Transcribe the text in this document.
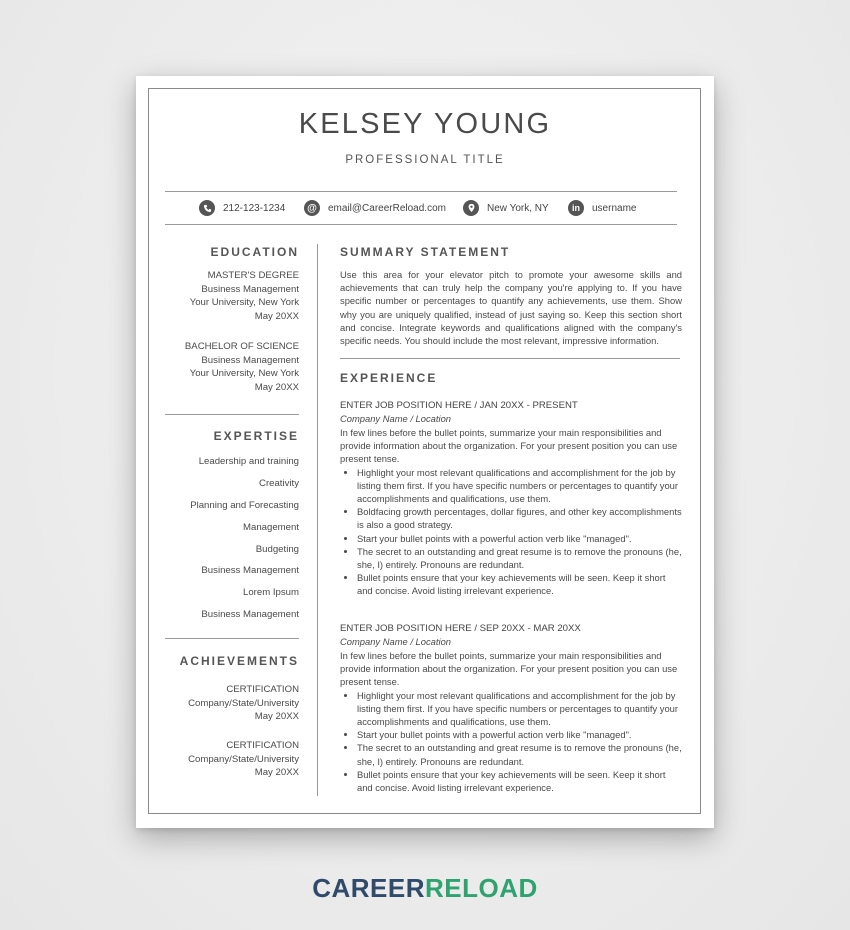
KELSEY YOUNG
PROFESSIONAL TITLE
212-123-1234	@	email@CareerReload.com	New York, NY	in	username
EDUCATION
MASTER'S DEGREE
Business Management
Your University, New York
May 20XX
BACHELOR OF SCIENCE
Business Management
Your University, New York
May 20XX
EXPERTISE
Leadership and training
Creativity
Planning and Forecasting
Management
Budgeting
Business Management
Lorem Ipsum
Business Management
ACHIEVEMENTS
CERTIFICATION
Company/State/University
May 20XX
CERTIFICATION
Company/State/University
May 20XX
SUMMARY STATEMENT
Use this area for your elevator pitch to promote your awesome skills and achievements that can truly help the company you're applying to. If you have specific number or percentages to quantify any achievements, use them. Show why you are uniquely qualified, instead of just saying so. Keep this section short and concise. Integrate keywords and qualifications aligned with the company's specific needs. You should include the most relevant, impressive information.
EXPERIENCE
ENTER JOB POSITION HERE / JAN 20XX - PRESENT
Company Name / Location
In few lines before the bullet points, summarize your main responsibilities and provide information about the organization. For your present position you can use present tense.
• Highlight your most relevant qualifications and accomplishment for the job by listing them first. If you have specific numbers or percentages to quantify your accomplishments and qualifications, use them.
• Boldfacing growth percentages, dollar figures, and other key accomplishments is also a good strategy.
• Start your bullet points with a powerful action verb like "managed".
• The secret to an outstanding and great resume is to remove the pronouns (he, she, I) entirely. Pronouns are redundant.
• Bullet points ensure that your key achievements will be seen. Keep it short and concise. Avoid listing irrelevant experience.
ENTER JOB POSITION HERE / SEP 20XX - MAR 20XX
Company Name / Location
In few lines before the bullet points, summarize your main responsibilities and provide information about the organization. For your present position you can use present tense.
• Highlight your most relevant qualifications and accomplishment for the job by listing them first. If you have specific numbers or percentages to quantify your accomplishments and qualifications, use them.
• Start your bullet points with a powerful action verb like "managed".
• The secret to an outstanding and great resume is to remove the pronouns (he, she, I) entirely. Pronouns are redundant.
• Bullet points ensure that your key achievements will be seen. Keep it short and concise. Avoid listing irrelevant experience.
CAREERRELOAD
